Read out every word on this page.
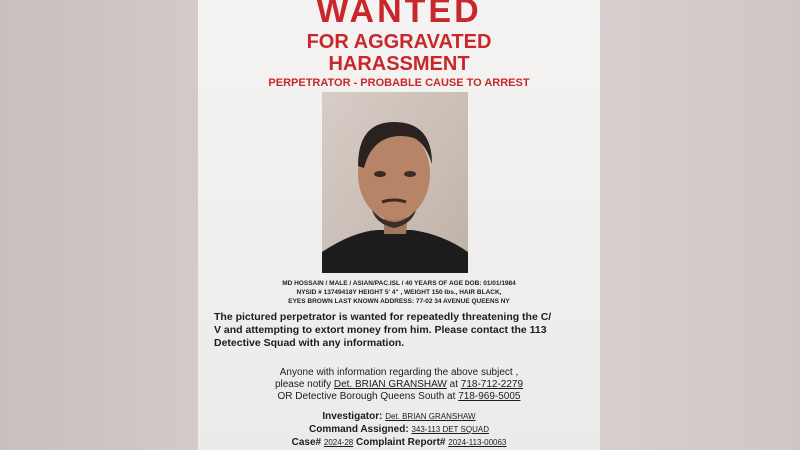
WANTED
FOR AGGRAVATED
HARASSMENT
PERPETRATOR - PROBABLE CAUSE TO ARREST
MD HOSSAIN / MALE / ASIAN/PAC.ISL / 40 YEARS OF AGE DOB: 01/01/1984
NYSID # 13749418Y HEIGHT 5' 4" , WEIGHT 150 lbs., HAIR BLACK,
EYES BROWN LAST KNOWN ADDRESS: 77-02 34 AVENUE QUEENS NY
The pictured perpetrator is wanted for repeatedly threatening the C/
V and attempting to extort money from him. Please contact the 113
Detective Squad with any information.
Anyone with information regarding the above subject ,
please notify Det. BRIAN GRANSHAW at 718-712-2279
OR Detective Borough Queens South at 718-969-5005
Investigator: Det. BRIAN GRANSHAW
Command Assigned: 343-113 DET SQUAD
Case# 2024-28 Complaint Report# 2024-113-00063
